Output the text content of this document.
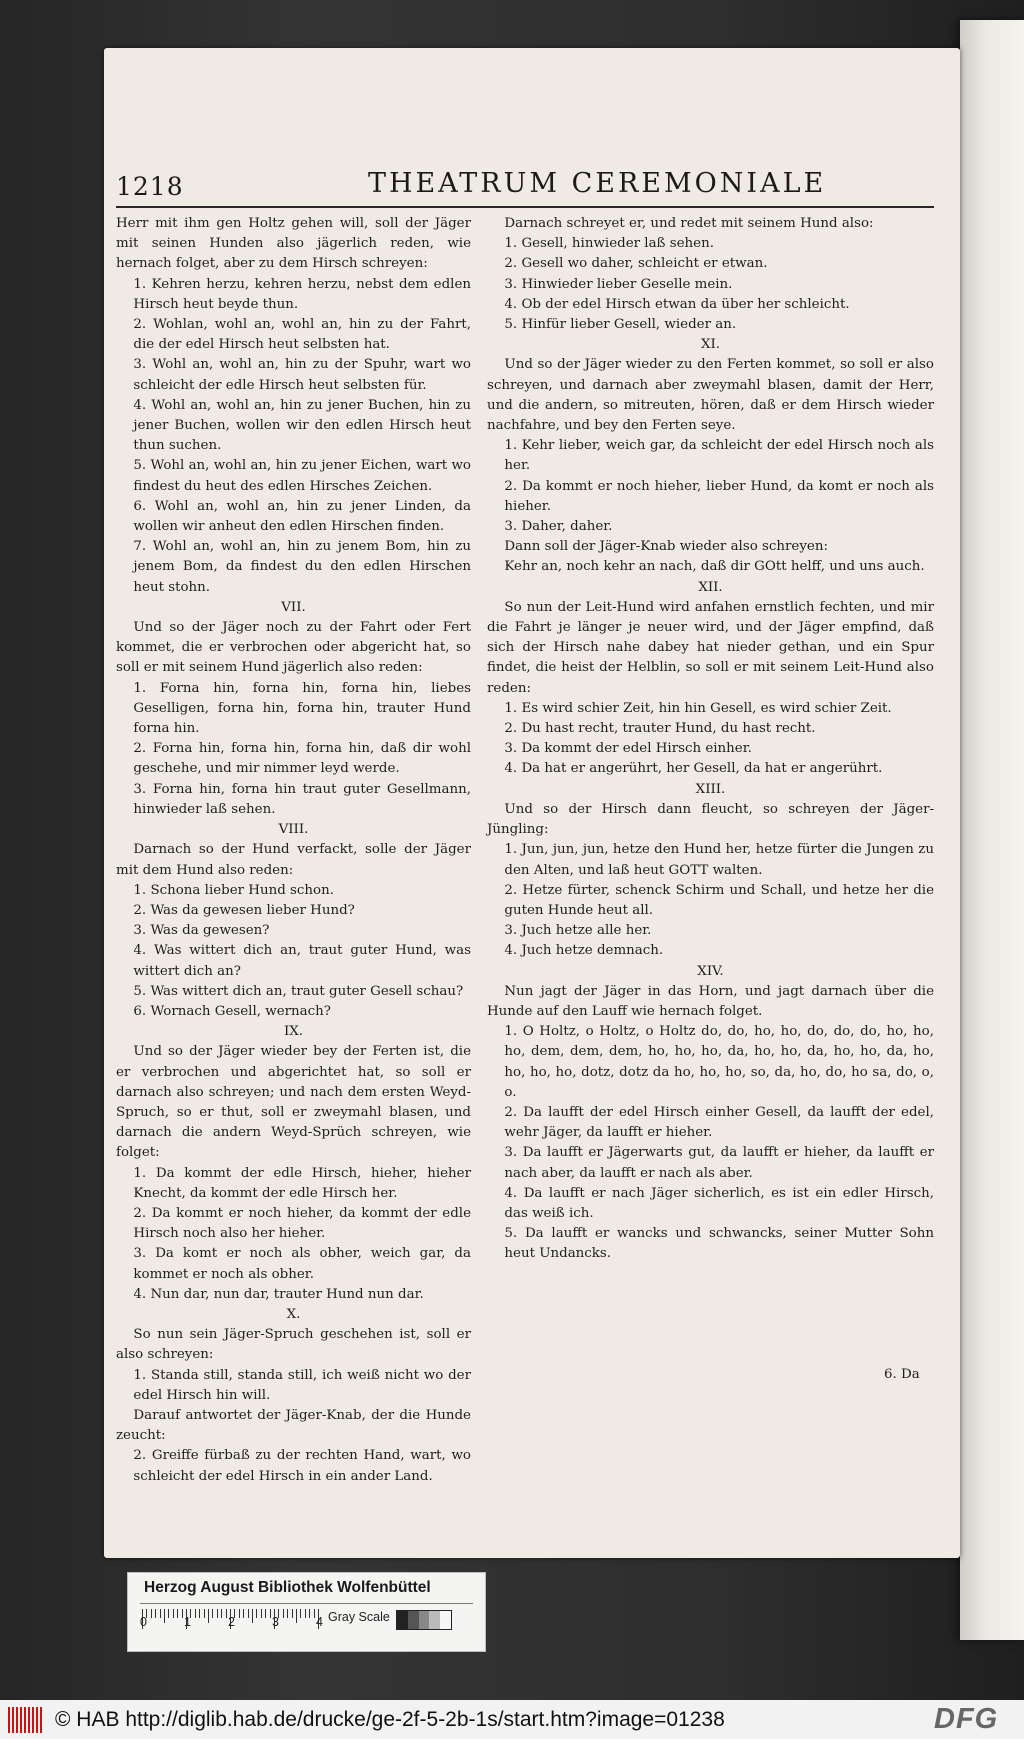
1218	THEATRUM CEREMONIALE

Herr mit ihm gen Holtz gehen will, soll der Jäger mit seinen Hunden also jägerlich reden, wie hernach folget, aber zu dem Hirsch schreyen:

1. Kehren herzu, kehren herzu, nebst dem edlen Hirsch heut beyde thun.

2. Wohlan, wohl an, wohl an, hin zu der Fahrt, die der edel Hirsch heut selbsten hat.

3. Wohl an, wohl an, hin zu der Spuhr, wart wo schleicht der edle Hirsch heut selbsten für.

4. Wohl an, wohl an, hin zu jener Buchen, hin zu jener Buchen, wollen wir den edlen Hirsch heut thun suchen.

5. Wohl an, wohl an, hin zu jener Eichen, wart wo findest du heut des edlen Hirsches Zeichen.

6. Wohl an, wohl an, hin zu jener Linden, da wollen wir anheut den edlen Hirschen finden.

7. Wohl an, wohl an, hin zu jenem Bom, hin zu jenem Bom, da findest du den edlen Hirschen heut stohn.

VII.

Und so der Jäger noch zu der Fahrt oder Fert kommet, die er verbrochen oder abgericht hat, so soll er mit seinem Hund jägerlich also reden:

1. Forna hin, forna hin, forna hin, liebes Geselligen, forna hin, forna hin, trauter Hund forna hin.

2. Forna hin, forna hin, forna hin, daß dir wohl geschehe, und mir nimmer leyd werde.

3. Forna hin, forna hin traut guter Gesellmann, hinwieder laß sehen.

VIII.

Darnach so der Hund verfackt, solle der Jäger mit dem Hund also reden:

1. Schona lieber Hund schon.

2. Was da gewesen lieber Hund?

3. Was da gewesen?

4. Was wittert dich an, traut guter Hund, was wittert dich an?

5. Was wittert dich an, traut guter Gesell schau?

6. Wornach Gesell, wernach?

IX.

Und so der Jäger wieder bey der Ferten ist, die er verbrochen und abgerichtet hat, so soll er darnach also schreyen; und nach dem ersten Weyd-Spruch, so er thut, soll er zweymahl blasen, und darnach die andern Weyd-Sprüch schreyen, wie folget:

1. Da kommt der edle Hirsch, hieher, hieher Knecht, da kommt der edle Hirsch her.

2. Da kommt er noch hieher, da kommt der edle Hirsch noch also her hieher.

3. Da komt er noch als obher, weich gar, da kommet er noch als obher.

4. Nun dar, nun dar, trauter Hund nun dar.

X.

So nun sein Jäger-Spruch geschehen ist, soll er also schreyen:

1. Standa still, standa still, ich weiß nicht wo der edel Hirsch hin will.

Darauf antwortet der Jäger-Knab, der die Hunde zeucht:

2. Greiffe fürbaß zu der rechten Hand, wart, wo schleicht der edel Hirsch in ein ander Land.

Darnach schreyet er, und redet mit seinem Hund also:

1. Gesell, hinwieder laß sehen.

2. Gesell wo daher, schleicht er etwan.

3. Hinwieder lieber Geselle mein.

4. Ob der edel Hirsch etwan da über her schleicht.

5. Hinfür lieber Gesell, wieder an.

XI.

Und so der Jäger wieder zu den Ferten kommet, so soll er also schreyen, und darnach aber zweymahl blasen, damit der Herr, und die andern, so mitreuten, hören, daß er dem Hirsch wieder nachfahre, und bey den Ferten seye.

1. Kehr lieber, weich gar, da schleicht der edel Hirsch noch als her.

2. Da kommt er noch hieher, lieber Hund, da komt er noch als hieher.

3. Daher, daher.

Dann soll der Jäger-Knab wieder also schreyen:

Kehr an, noch kehr an nach, daß dir GOtt helff, und uns auch.

XII.

So nun der Leit-Hund wird anfahen ernstlich fechten, und mir die Fahrt je länger je neuer wird, und der Jäger empfind, daß sich der Hirsch nahe dabey hat nieder gethan, und ein Spur findet, die heist der Helblin, so soll er mit seinem Leit-Hund also reden:

1. Es wird schier Zeit, hin hin Gesell, es wird schier Zeit.

2. Du hast recht, trauter Hund, du hast recht.

3. Da kommt der edel Hirsch einher.

4. Da hat er angerührt, her Gesell, da hat er angerührt.

XIII.

Und so der Hirsch dann fleucht, so schreyen der Jäger-Jüngling:

1. Jun, jun, jun, hetze den Hund her, hetze fürter die Jungen zu den Alten, und laß heut GOTT walten.

2. Hetze fürter, schenck Schirm und Schall, und hetze her die guten Hunde heut all.

3. Juch hetze alle her.

4. Juch hetze demnach.

XIV.

Nun jagt der Jäger in das Horn, und jagt darnach über die Hunde auf den Lauff wie hernach folget.

1. O Holtz, o Holtz, o Holtz do, do, ho, ho, do, do, do, ho, ho, ho, dem, dem, dem, ho, ho, ho, da, ho, ho, da, ho, ho, da, ho, ho, ho, ho, dotz, dotz da ho, ho, ho, so, da, ho, do, ho sa, do, o, o.

2. Da laufft der edel Hirsch einher Gesell, da laufft der edel, wehr Jäger, da laufft er hieher.

3. Da laufft er Jägerwarts gut, da laufft er hieher, da laufft er nach aber, da laufft er nach als aber.

4. Da laufft er nach Jäger sicherlich, es ist ein edler Hirsch, das weiß ich.

5. Da laufft er wancks und schwancks, seiner Mutter Sohn heut Undancks.

6. Da
Herzog August Bibliothek Wolfenbüttel
Gray Scale
0	1	2	3	4
© HAB http://diglib.hab.de/drucke/ge-2f-5-2b-1s/start.htm?image=01238	DFG
